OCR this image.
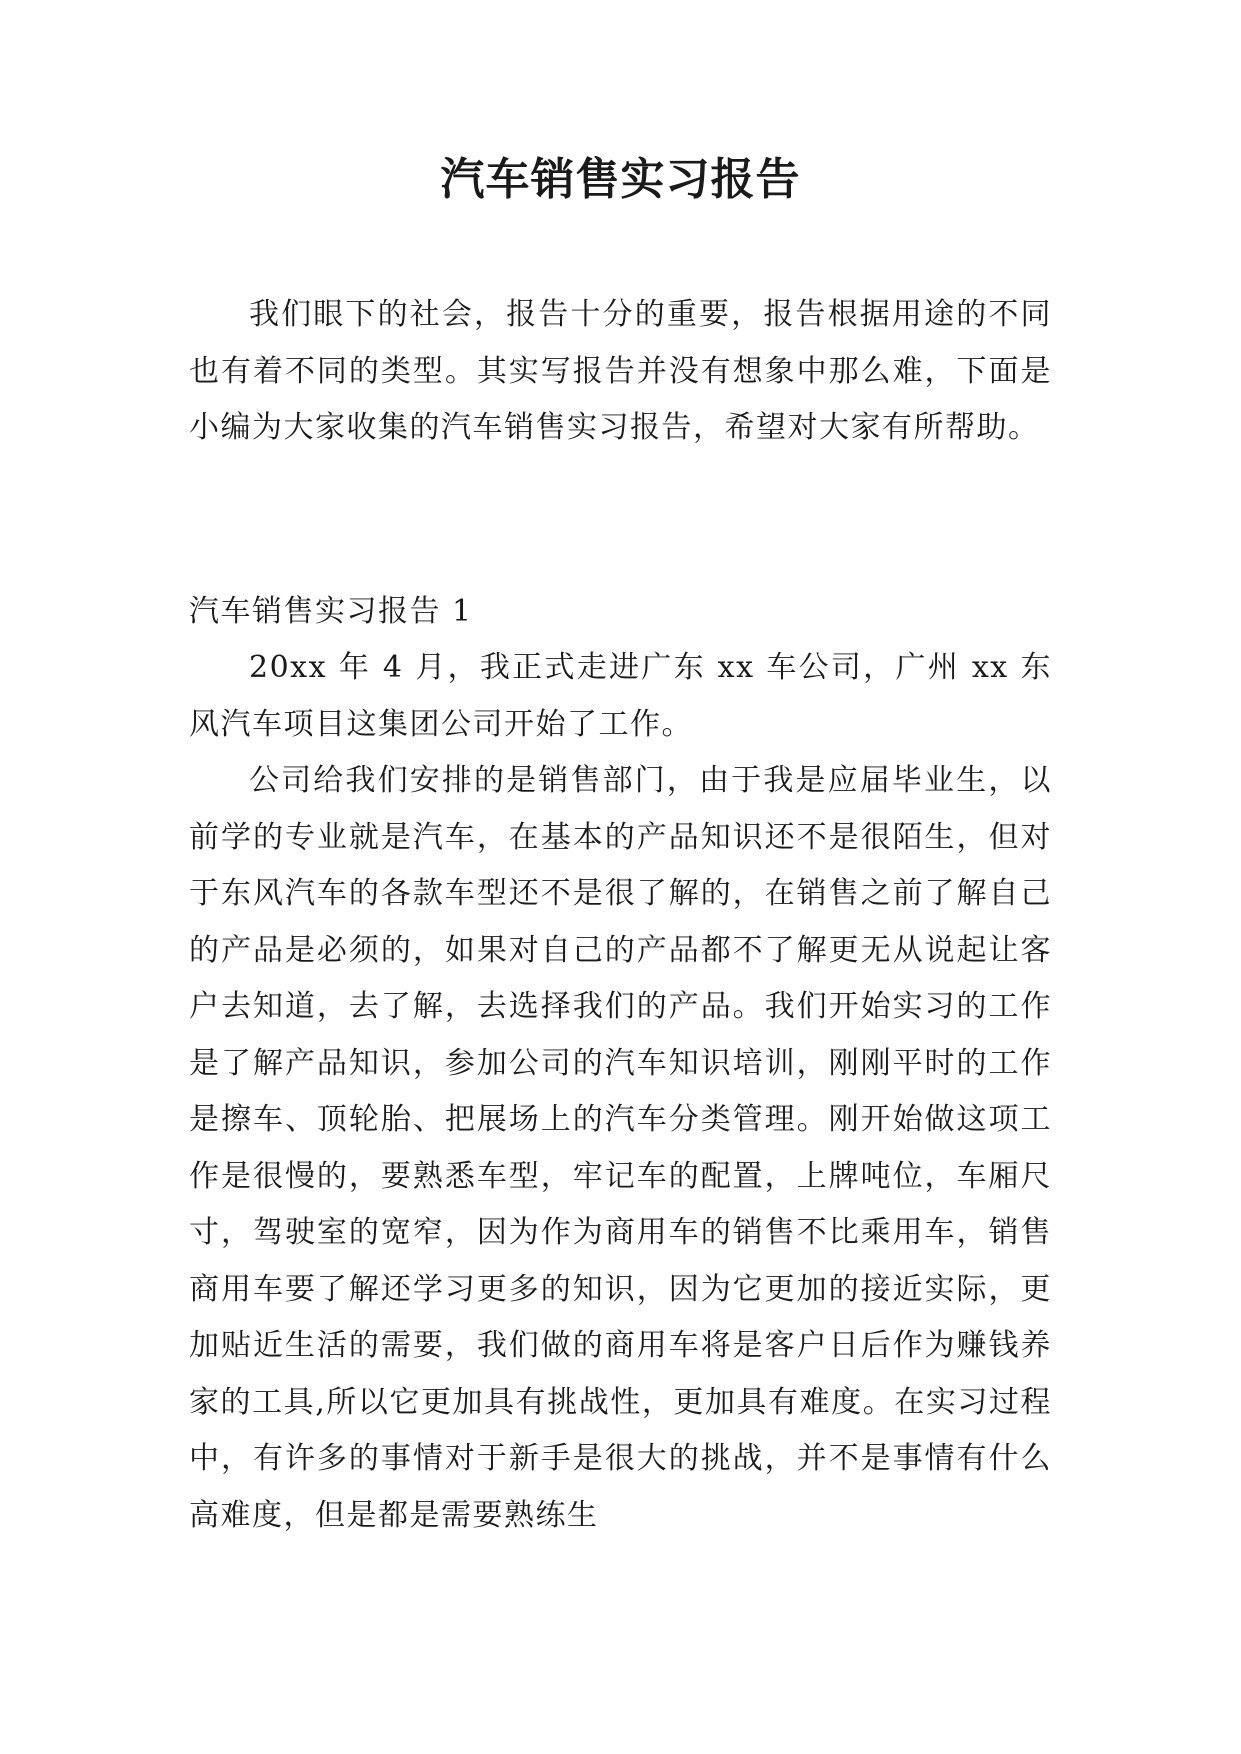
汽车销售实习报告

我们眼下的社会，报告十分的重要，报告根据用途的不同也有着不同的类型。其实写报告并没有想象中那么难，下面是小编为大家收集的汽车销售实习报告，希望对大家有所帮助。

汽车销售实习报告 1

20xx 年 4 月，我正式走进广东 xx 车公司，广州 xx 东风汽车项目这集团公司开始了工作。

公司给我们安排的是销售部门，由于我是应届毕业生，以前学的专业就是汽车，在基本的产品知识还不是很陌生，但对于东风汽车的各款车型还不是很了解的，在销售之前了解自己的产品是必须的，如果对自己的产品都不了解更无从说起让客户去知道，去了解，去选择我们的产品。我们开始实习的工作是了解产品知识，参加公司的汽车知识培训，刚刚平时的工作是擦车、顶轮胎、把展场上的汽车分类管理。刚开始做这项工作是很慢的，要熟悉车型，牢记车的配置，上牌吨位，车厢尺寸，驾驶室的宽窄，因为作为商用车的销售不比乘用车，销售商用车要了解还学习更多的知识，因为它更加的接近实际，更加贴近生活的需要，我们做的商用车将是客户日后作为赚钱养家的工具,所以它更加具有挑战性，更加具有难度。在实习过程中，有许多的事情对于新手是很大的挑战，并不是事情有什么高难度，但是都是需要熟练生
